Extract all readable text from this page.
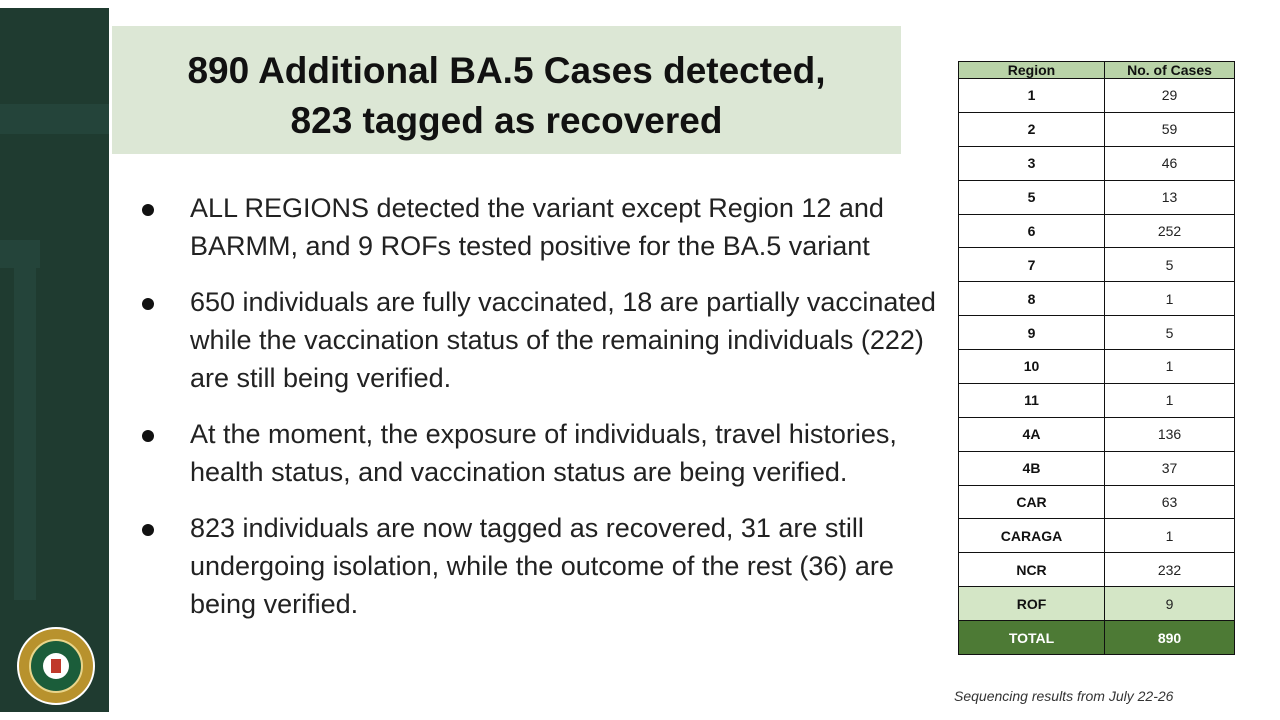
890 Additional BA.5 Cases detected,
823 tagged as recovered
ALL REGIONS detected the variant except Region 12 and BARMM, and 9 ROFs tested positive for the BA.5 variant
650 individuals are fully vaccinated, 18 are partially vaccinated while the vaccination status of the remaining individuals (222) are still being verified.
At the moment, the exposure of individuals, travel histories, health status, and vaccination status are being verified.
823 individuals are now tagged as recovered, 31 are still undergoing isolation, while the outcome of the rest (36) are being verified.
Region	No. of Cases
1	29
2	59
3	46
5	13
6	252
7	5
8	1
9	5
10	1
11	1
4A	136
4B	37
CAR	63
CARAGA	1
NCR	232
ROF	9
TOTAL	890
Sequencing results from July 22-26
